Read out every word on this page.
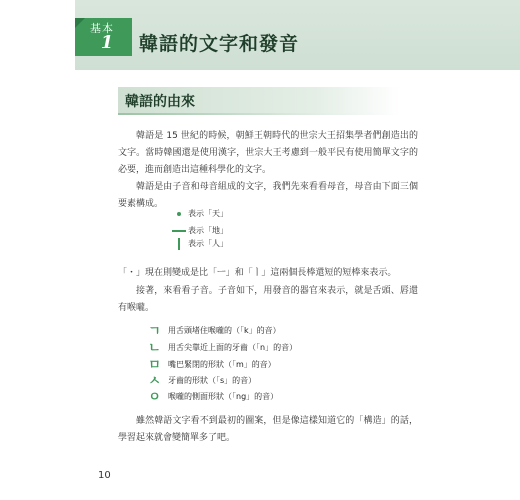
基本
1	韓語的文字和發音
韓語的由來
韓語是 15 世紀的時候，朝鮮王朝時代的世宗大王招集學者們創造出的文字。當時韓國還是使用漢字，世宗大王考慮到一般平民有使用簡單文字的必要，進而創造出這種科學化的文字。
韓語是由子音和母音組成的文字，我們先來看看母音，母音由下面三個要素構成。
表示「天」
表示「地」
表示「人」
「・」現在則變成是比「ㅡ」和「ㅣ」這兩個長棒還短的短棒來表示。
接著，來看看子音。子音如下，用發音的器官來表示，就是舌頭、唇還有喉嚨。
ㄱ 用舌頭堵住喉嚨的（「k」的音）
ㄴ 用舌尖靠近上面的牙齒（「n」的音）
ㅁ 嘴巴緊閉的形狀（「m」的音）
ㅅ 牙齒的形狀（「s」的音）
ㅇ 喉嚨的側面形狀（「ng」的音）
雖然韓語文字看不到最初的圖案，但是像這樣知道它的「構造」的話，學習起來就會變簡單多了吧。
10
